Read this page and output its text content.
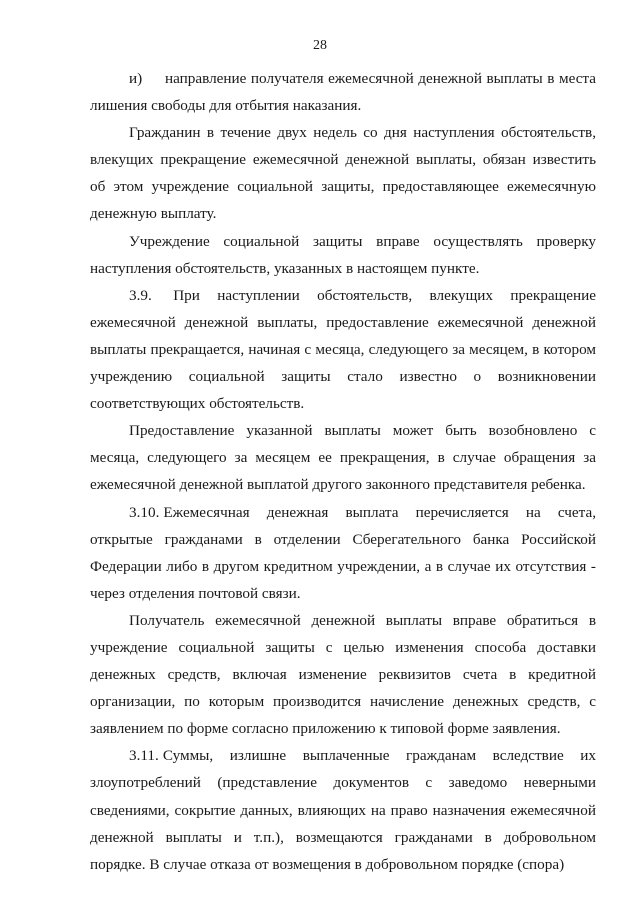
28

и) направление получателя ежемесячной денежной выплаты в места лишения свободы для отбытия наказания.

Гражданин в течение двух недель со дня наступления обстоятельств, влекущих прекращение ежемесячной денежной выплаты, обязан известить об этом учреждение социальной защиты, предоставляющее ежемесячную денежную выплату.

Учреждение социальной защиты вправе осуществлять проверку наступления обстоятельств, указанных в настоящем пункте.

3.9. При наступлении обстоятельств, влекущих прекращение ежемесячной денежной выплаты, предоставление ежемесячной денежной выплаты прекращается, начиная с месяца, следующего за месяцем, в котором учреждению социальной защиты стало известно о возникновении соответствующих обстоятельств.

Предоставление указанной выплаты может быть возобновлено с месяца, следующего за месяцем ее прекращения, в случае обращения за ежемесячной денежной выплатой другого законного представителя ребенка.

3.10. Ежемесячная денежная выплата перечисляется на счета, открытые гражданами в отделении Сберегательного банка Российской Федерации либо в другом кредитном учреждении, а в случае их отсутствия - через отделения почтовой связи.

Получатель ежемесячной денежной выплаты вправе обратиться в учреждение социальной защиты с целью изменения способа доставки денежных средств, включая изменение реквизитов счета в кредитной организации, по которым производится начисление денежных средств, с заявлением по форме согласно приложению к типовой форме заявления.

3.11. Суммы, излишне выплаченные гражданам вследствие их злоупотреблений (представление документов с заведомо неверными сведениями, сокрытие данных, влияющих на право назначения ежемесячной денежной выплаты и т.п.), возмещаются гражданами в добровольном порядке. В случае отказа от возмещения в добровольном порядке (спора)
